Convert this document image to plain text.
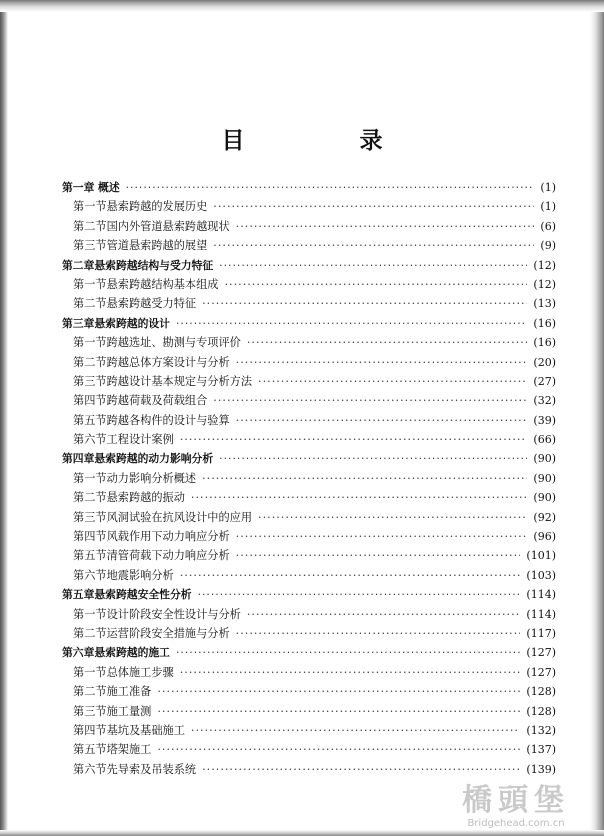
目　录
第一章 概述 ·····	(1)
第一节 悬索跨越的发展历史 ·····	(1)
第二节 国内外管道悬索跨越现状 ·····	(6)
第三节 管道悬索跨越的展望 ·····	(9)
第二章 悬索跨越结构与受力特征 ·····	(12)
第一节 悬索跨越结构基本组成 ·····	(12)
第二节 悬索跨越受力特征 ·····	(13)
第三章 悬索跨越的设计 ·····	(16)
第一节 跨越选址、勘测与专项评价 ·····	(16)
第二节 跨越总体方案设计与分析 ·····	(20)
第三节 跨越设计基本规定与分析方法 ·····	(27)
第四节 跨越荷载及荷载组合 ·····	(32)
第五节 跨越各构件的设计与验算 ·····	(39)
第六节 工程设计案例 ·····	(66)
第四章 悬索跨越的动力影响分析 ·····	(90)
第一节 动力影响分析概述 ·····	(90)
第二节 悬索跨越的振动 ·····	(90)
第三节 风洞试验在抗风设计中的应用 ·····	(92)
第四节 风载作用下动力响应分析 ·····	(96)
第五节 清管荷载下动力响应分析 ·····	(101)
第六节 地震影响分析 ·····	(103)
第五章 悬索跨越安全性分析 ·····	(114)
第一节 设计阶段安全性设计与分析 ·····	(114)
第二节 运营阶段安全措施与分析 ·····	(117)
第六章 悬索跨越的施工 ·····	(127)
第一节 总体施工步骤 ·····	(127)
第二节 施工准备 ·····	(128)
第三节 施工量测 ·····	(128)
第四节 基坑及基础施工 ·····	(132)
第五节 塔架施工 ·····	(137)
第六节 先导索及吊装系统 ·····	(139)
橋頭堡
Bridgehead.com.cn
